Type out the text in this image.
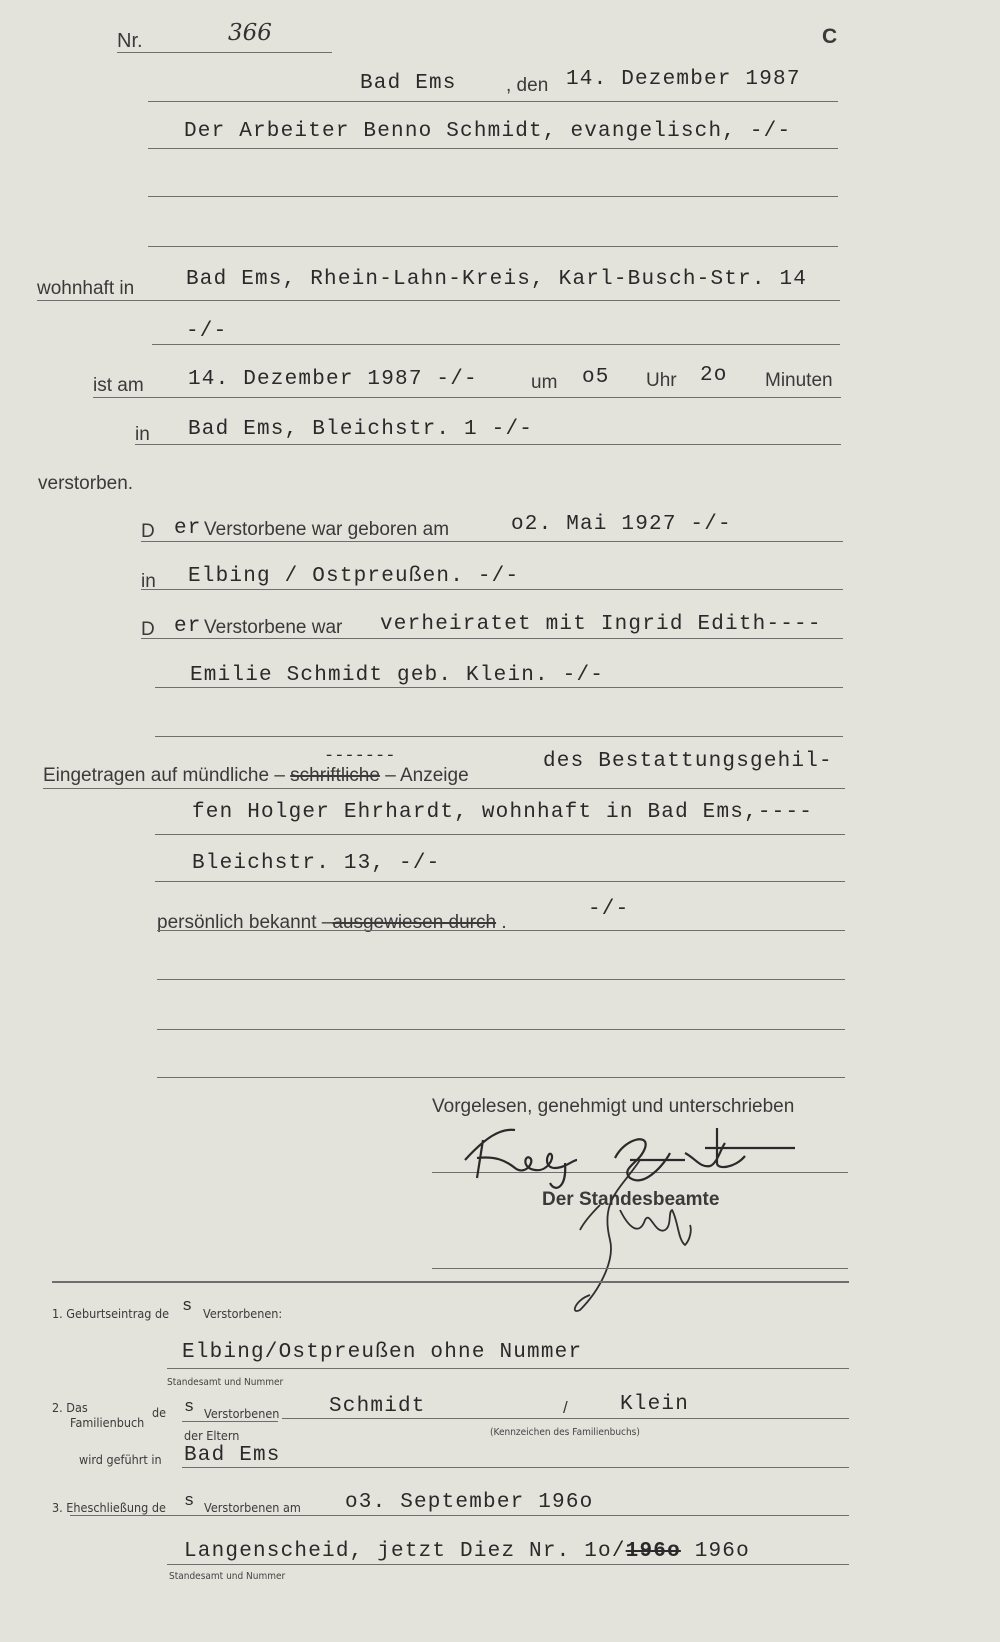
Nr.	366	C
Bad Ems	, den 14. Dezember 1987
Der Arbeiter Benno Schmidt, evangelisch, -/-
wohnhaft in Bad Ems, Rhein-Lahn-Kreis, Karl-Busch-Str. 14
-/-
ist am 14. Dezember 1987 -/-	um o5 Uhr 2o Minuten
in Bad Ems, Bleichstr. 1 -/-
verstorben.
D er Verstorbene war geboren am	o2. Mai 1927 -/-
in Elbing / Ostpreußen. -/-
D er Verstorbene war verheiratet mit Ingrid Edith----
Emilie Schmidt geb. Klein. -/-
Eingetragen auf mündliche – schriftliche – Anzeige
-------	des Bestattungsgehil-
fen Holger Ehrhardt, wohnhaft in Bad Ems,----
Bleichstr. 13, -/-
persönlich bekannt –ausgewiesen durch .
-/-
Vorgelesen, genehmigt und unterschrieben
Der Standesbeamte
1. Geburtseintrag de s Verstorbenen:
Elbing/Ostpreußen ohne Nummer
Standesamt und Nummer
2. Das
Familienbuch
de s Verstorbenen
der Eltern
Schmidt	/ Klein
(Kennzeichen des Familienbuchs)
wird geführt in Bad Ems
3. Eheschließung de s Verstorbenen am o3. September 196o
Langenscheid, jetzt Diez Nr. 1o/196o 196o
Standesamt und Nummer
